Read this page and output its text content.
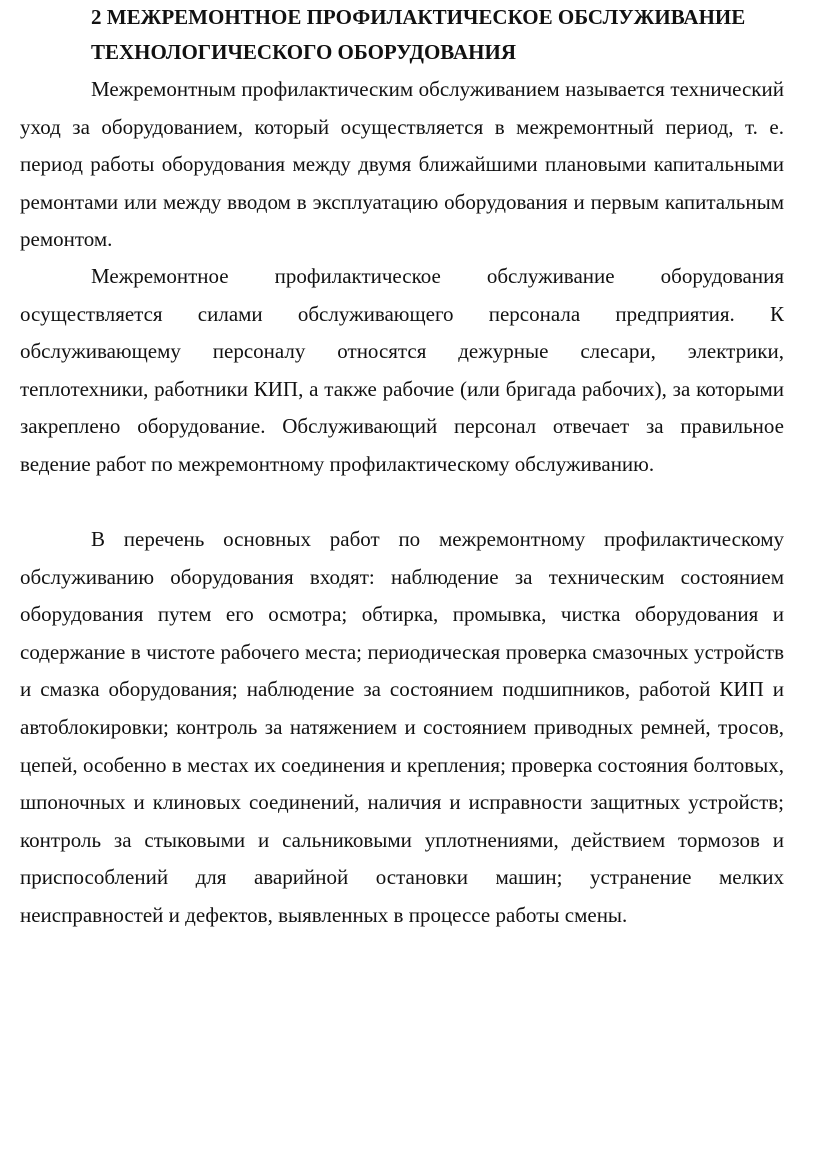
2 МЕЖРЕМОНТНОЕ ПРОФИЛАКТИЧЕСКОЕ ОБСЛУЖИВАНИЕ
ТЕХНОЛОГИЧЕСКОГО ОБОРУДОВАНИЯ

Межремонтным профилактическим обслуживанием называется технический уход за оборудованием, который осуществляется в межремонтный период, т. е. период работы оборудования между двумя ближайшими плановыми капитальными ремонтами или между вводом в эксплуатацию оборудования и первым капитальным ремонтом.

Межремонтное профилактическое обслуживание оборудования осуществляется силами обслуживающего персонала предприятия. К обслуживающему персоналу относятся дежурные слесари, электрики, теплотехники, работники КИП, а также рабочие (или бригада рабочих), за которыми закреплено оборудование. Обслуживающий персонал отвечает за правильное ведение работ по межремонтному профилактическому обслуживанию.

В перечень основных работ по межремонтному профилактическому обслуживанию оборудования входят: наблюдение за техническим состоянием оборудования путем его осмотра; обтирка, промывка, чистка оборудования и содержание в чистоте рабочего места; периодическая проверка смазочных устройств и смазка оборудования; наблюдение за состоянием подшипников, работой КИП и автоблокировки; контроль за натяжением и состоянием приводных ремней, тросов, цепей, особенно в местах их соединения и крепления; проверка состояния болтовых, шпоночных и клиновых соединений, наличия и исправности защитных устройств; контроль за стыковыми и сальниковыми уплотнениями, действием тормозов и приспособлений для аварийной остановки машин; устранение мелких неисправностей и дефектов, выявленных в процессе работы смены.
